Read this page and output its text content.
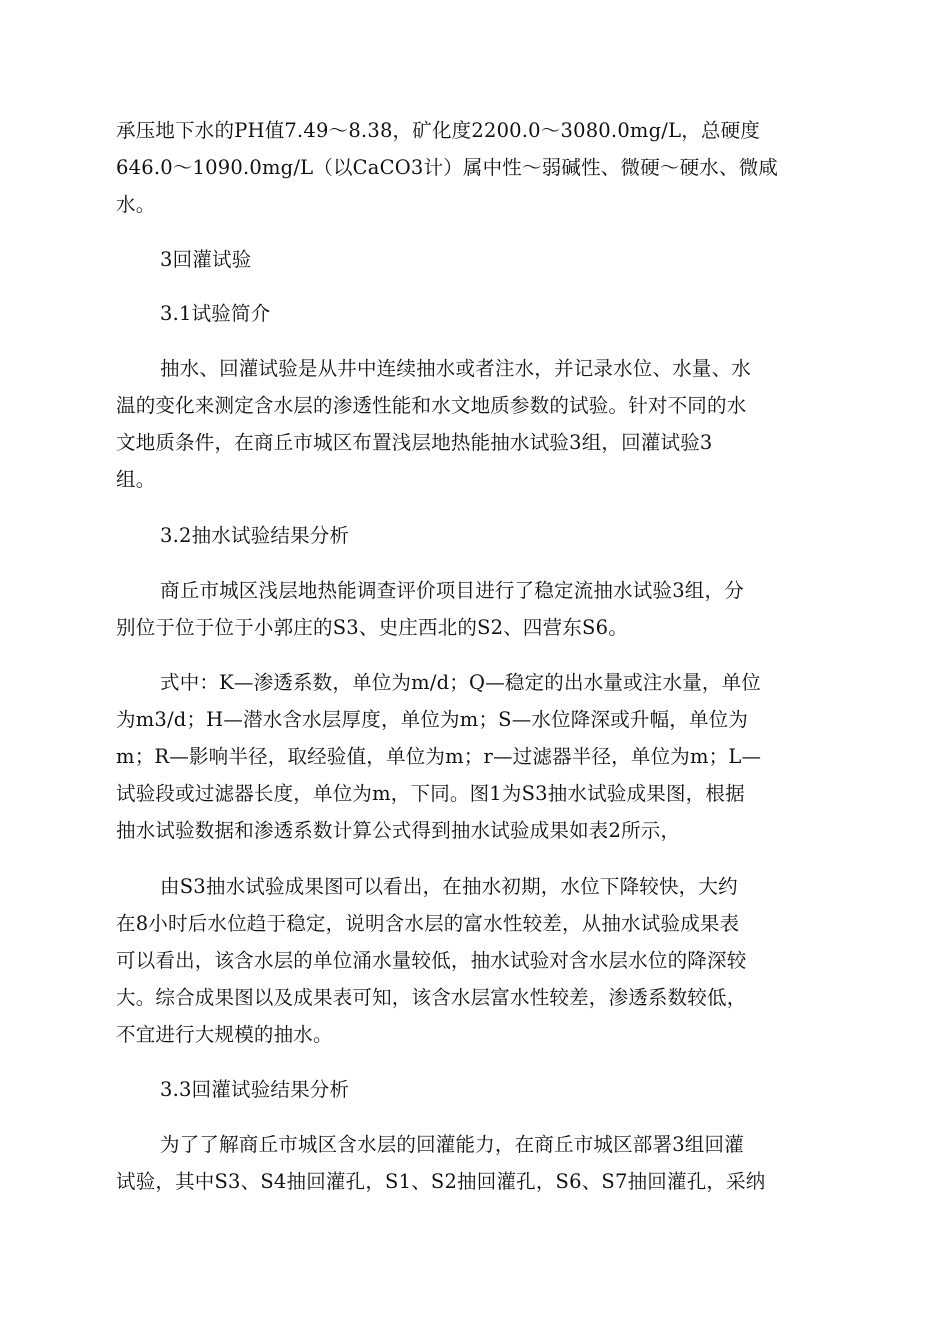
承压地下水的PH值7.49～8.38，矿化度2200.0～3080.0mg/L，总硬度
646.0～1090.0mg/L（以CaCO3计）属中性～弱碱性、微硬～硬水、微咸
水。
3回灌试验
3.1试验简介
抽水、回灌试验是从井中连续抽水或者注水，并记录水位、水量、水
温的变化来测定含水层的渗透性能和水文地质参数的试验。针对不同的水
文地质条件，在商丘市城区布置浅层地热能抽水试验3组，回灌试验3
组。
3.2抽水试验结果分析
商丘市城区浅层地热能调查评价项目进行了稳定流抽水试验3组，分
别位于位于位于小郭庄的S3、史庄西北的S2、四营东S6。
式中：K—渗透系数，单位为m/d；Q—稳定的出水量或注水量，单位
为m3/d；H—潜水含水层厚度，单位为m；S—水位降深或升幅，单位为
m；R—影响半径，取经验值，单位为m；r—过滤器半径，单位为m；L—
试验段或过滤器长度，单位为m，下同。图1为S3抽水试验成果图，根据
抽水试验数据和渗透系数计算公式得到抽水试验成果如表2所示，
由S3抽水试验成果图可以看出，在抽水初期，水位下降较快，大约
在8小时后水位趋于稳定，说明含水层的富水性较差，从抽水试验成果表
可以看出，该含水层的单位涌水量较低，抽水试验对含水层水位的降深较
大。综合成果图以及成果表可知，该含水层富水性较差，渗透系数较低，
不宜进行大规模的抽水。
3.3回灌试验结果分析
为了了解商丘市城区含水层的回灌能力，在商丘市城区部署3组回灌
试验，其中S3、S4抽回灌孔，S1、S2抽回灌孔，S6、S7抽回灌孔，采纳
